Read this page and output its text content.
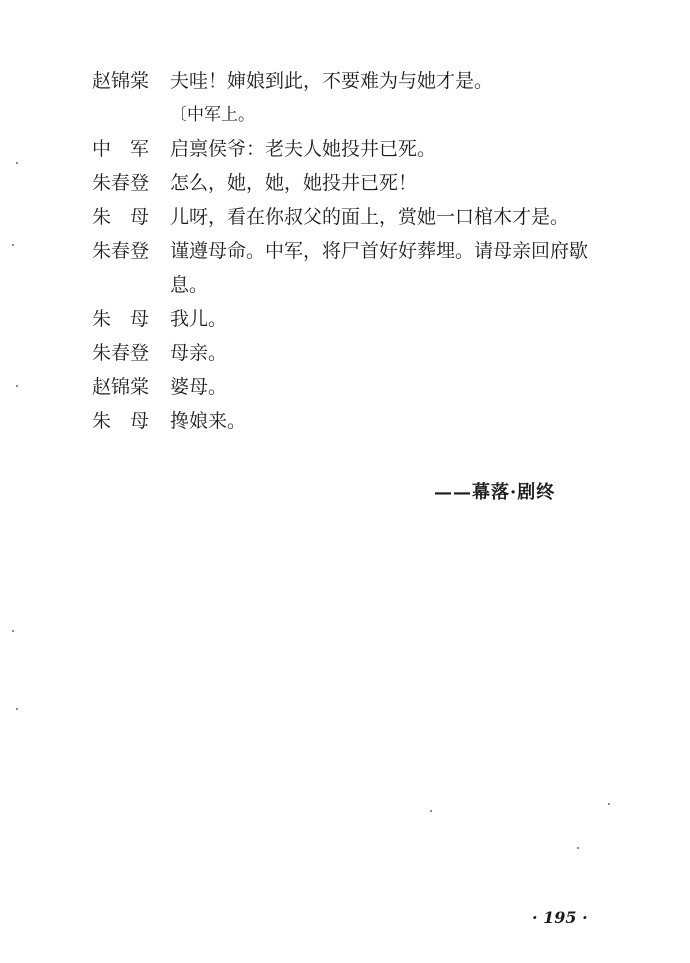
赵锦棠	夫哇！婶娘到此，不要难为与她才是。
〔中军上。
中　军	启禀侯爷：老夫人她投井已死。
朱春登	怎么，她，她，她投井已死！
朱　母	儿呀，看在你叔父的面上，赏她一口棺木才是。
朱春登	谨遵母命。中军，将尸首好好葬埋。请母亲回府歇
息。
朱　母	我儿。
朱春登	母亲。
赵锦棠	婆母。
朱　母	搀娘来。
——幕落·剧终
· 195 ·
